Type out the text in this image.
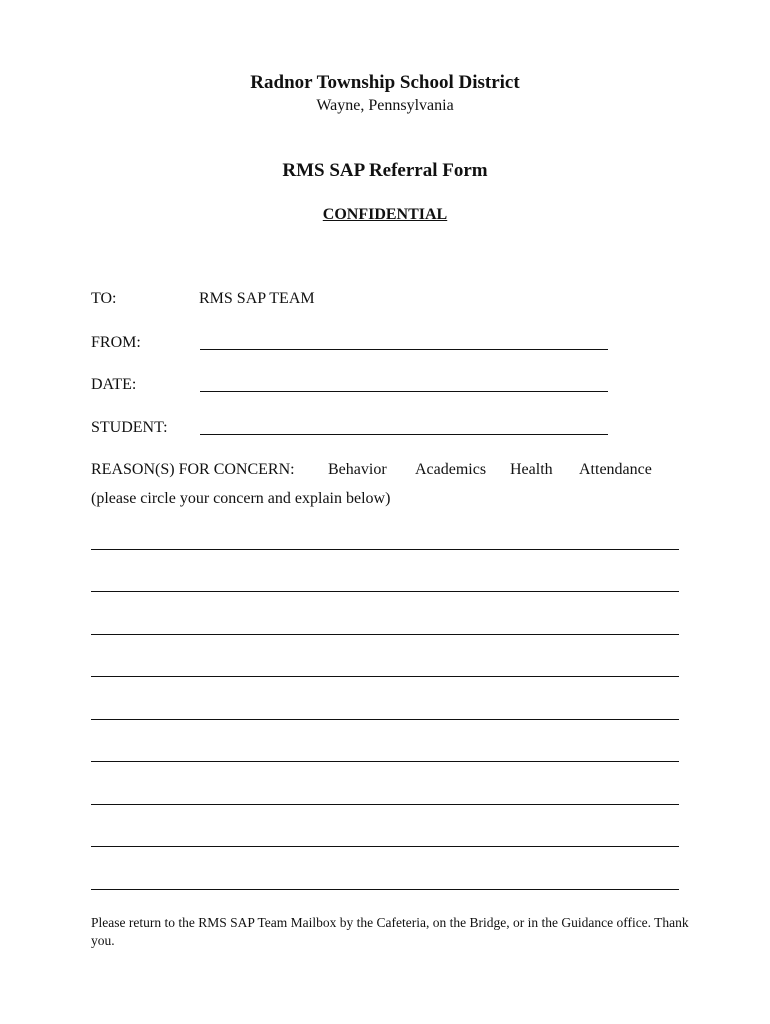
Radnor Township School District
Wayne, Pennsylvania
RMS SAP Referral Form
CONFIDENTIAL
TO:	RMS SAP TEAM
FROM:
DATE:
STUDENT:
REASON(S) FOR CONCERN: Behavior Academics Health Attendance
(please circle your concern and explain below)
Please return to the RMS SAP Team Mailbox by the Cafeteria, on the Bridge, or in the Guidance office. Thank you.
